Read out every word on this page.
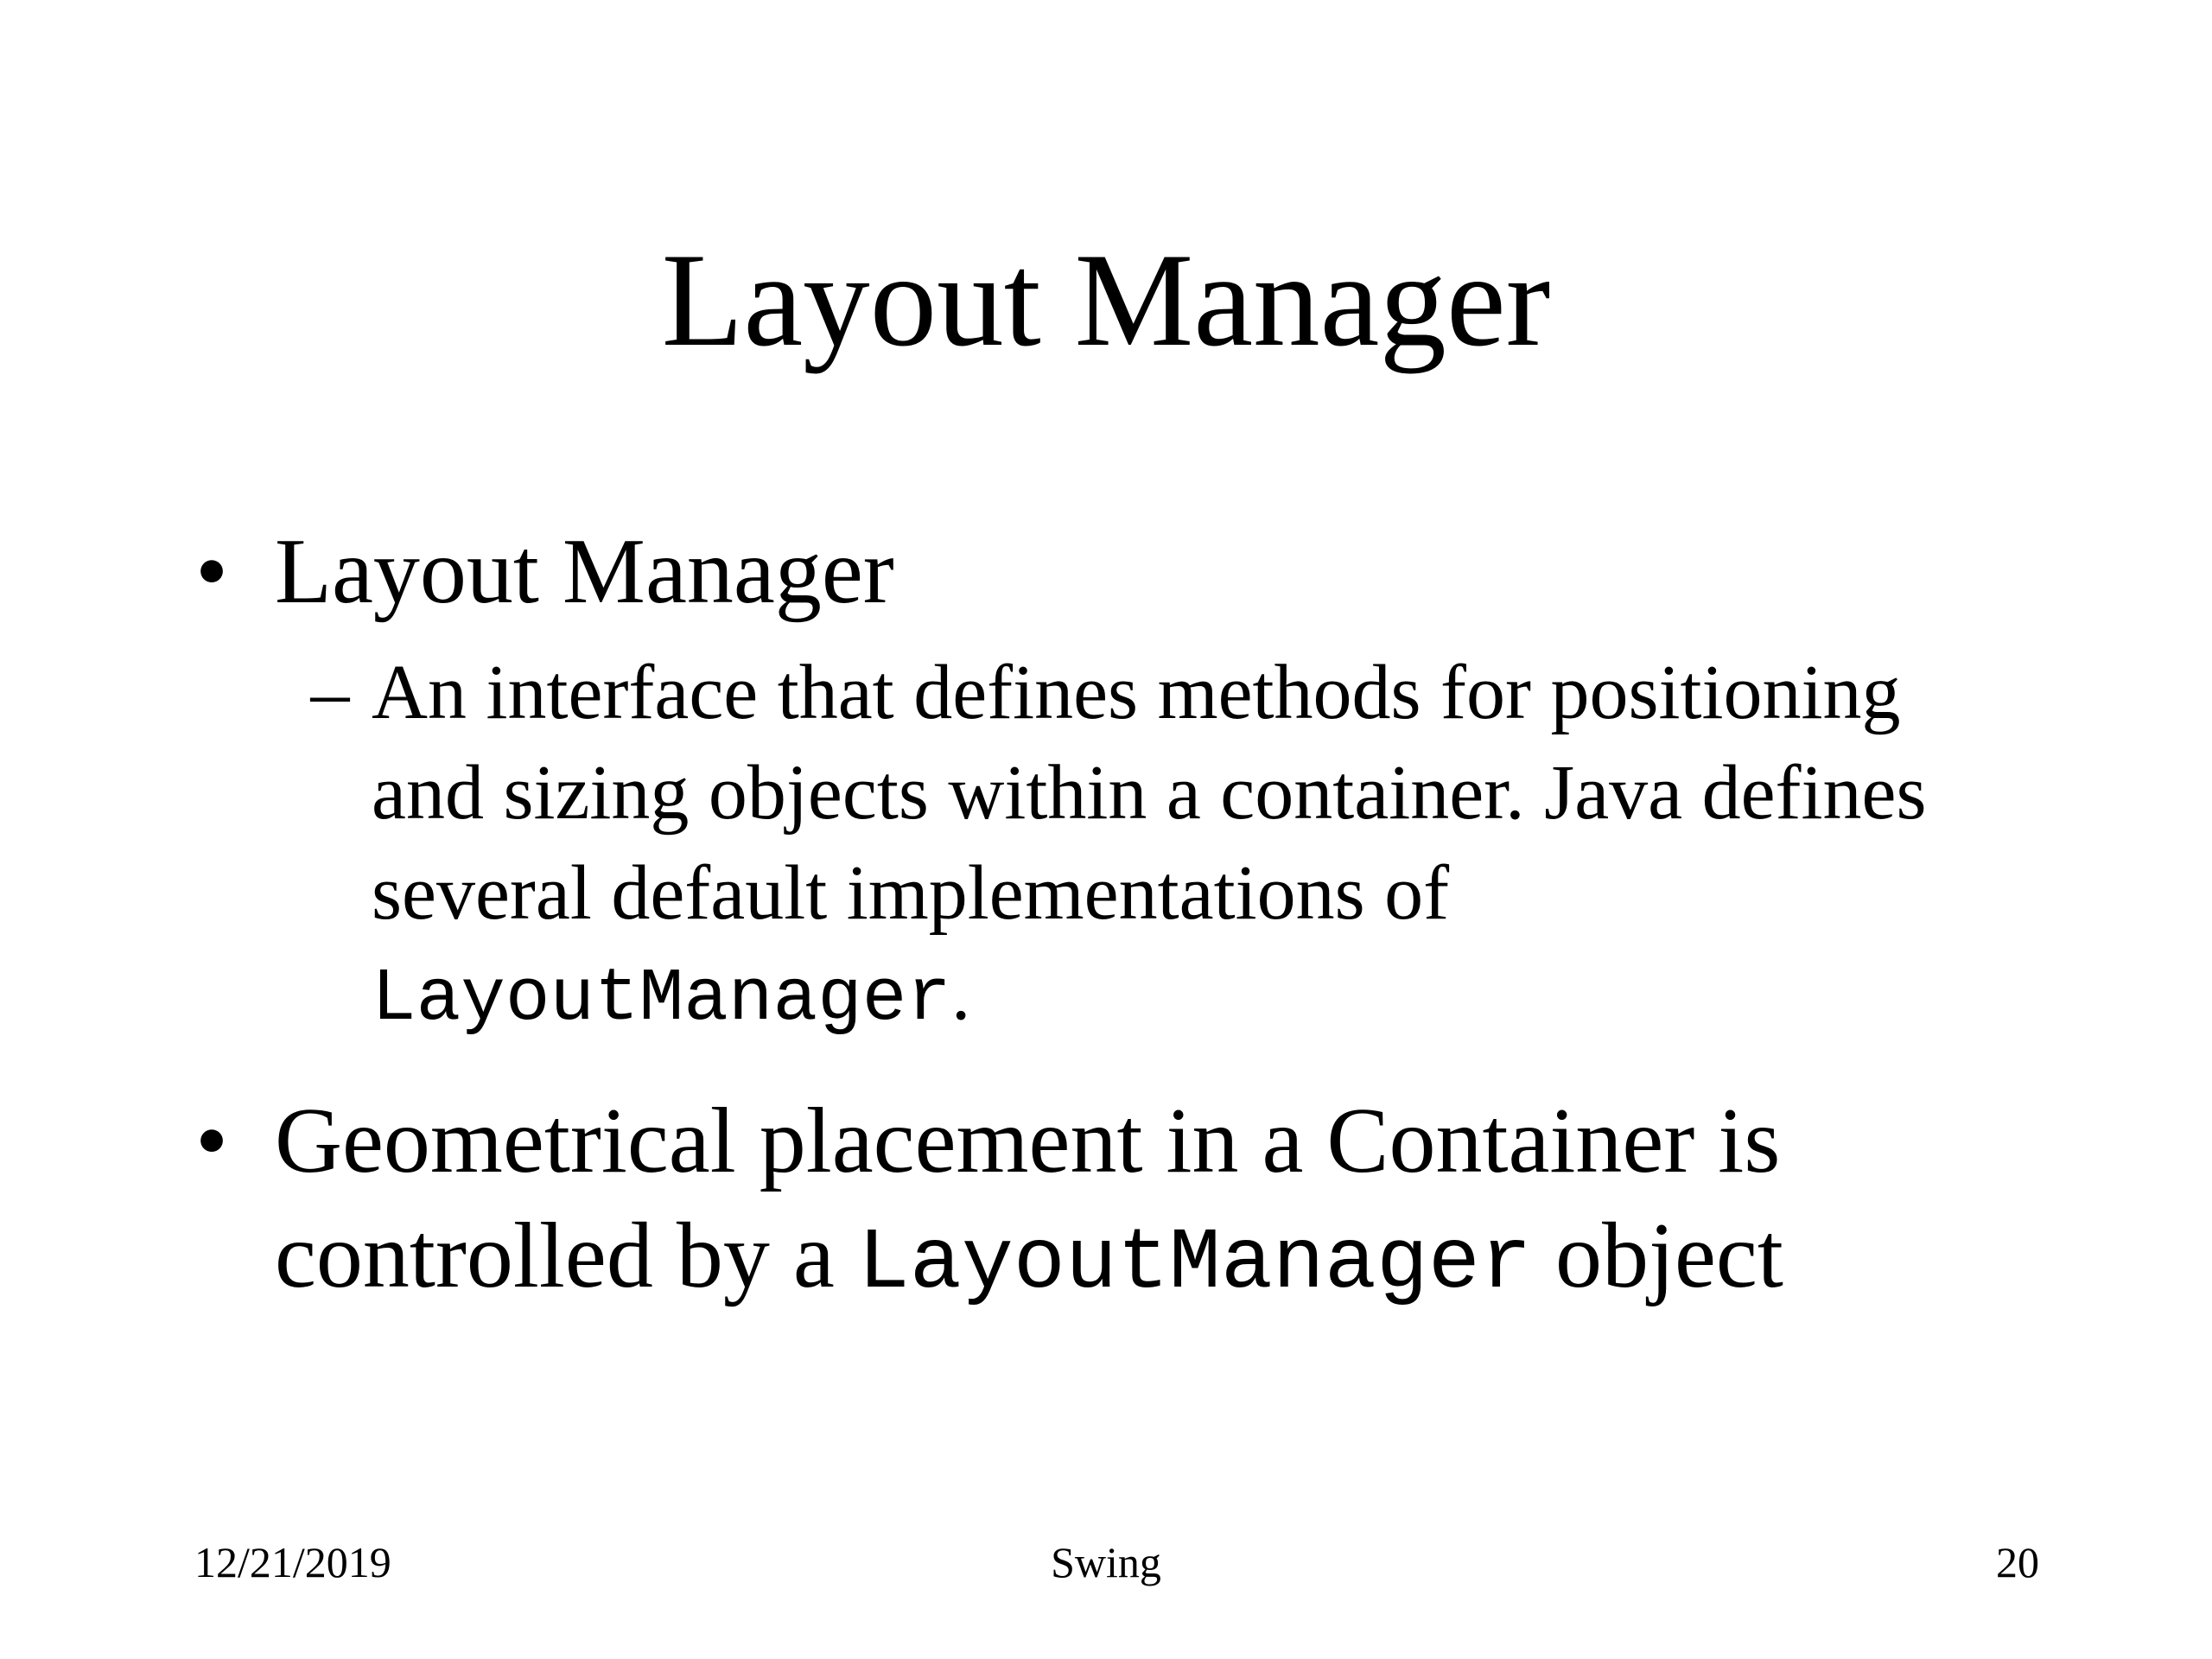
Layout Manager
• Layout Manager
– An interface that defines methods for positioning and sizing objects within a container. Java defines several default implementations of LayoutManager.
• Geometrical placement in a Container is controlled by a LayoutManager object
12/21/2019	Swing	20
